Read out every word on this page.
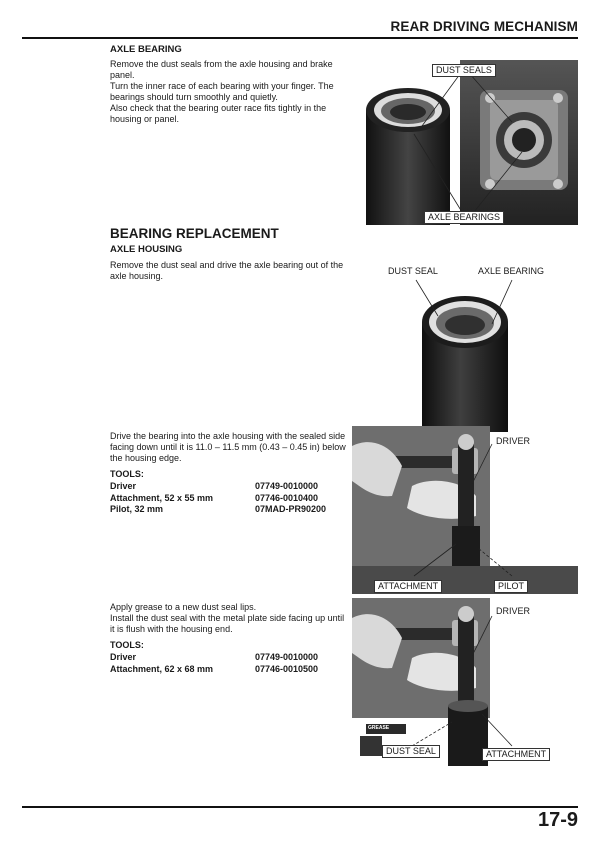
REAR DRIVING MECHANISM
AXLE BEARING

Remove the dust seals from the axle housing and brake panel.

Turn the inner race of each bearing with your finger. The bearings should turn smoothly and quietly.

Also check that the bearing outer race fits tightly in the housing or panel.

DUST SEALS
AXLE BEARINGS
BEARING REPLACEMENT
AXLE HOUSING
Remove the dust seal and drive the axle bearing out of the axle housing.	DUST SEAL	AXLE BEARING
Drive the bearing into the axle housing with the sealed side facing down until it is 11.0 – 11.5 mm (0.43 – 0.45 in) below the housing edge.
TOOLS:
Driver	07749-0010000
Attachment, 52 x 55 mm	07746-0010400
Pilot, 32 mm	07MAD-PR90200
DRIVER
ATTACHMENT	PILOT

Apply grease to a new dust seal lips.

Install the dust seal with the metal plate side facing up until it is flush with the housing end.

TOOLS:
Driver	07749-0010000
Attachment, 62 x 68 mm	07746-0010500
DRIVER
GREASE
DUST SEAL	ATTACHMENT
17-9
